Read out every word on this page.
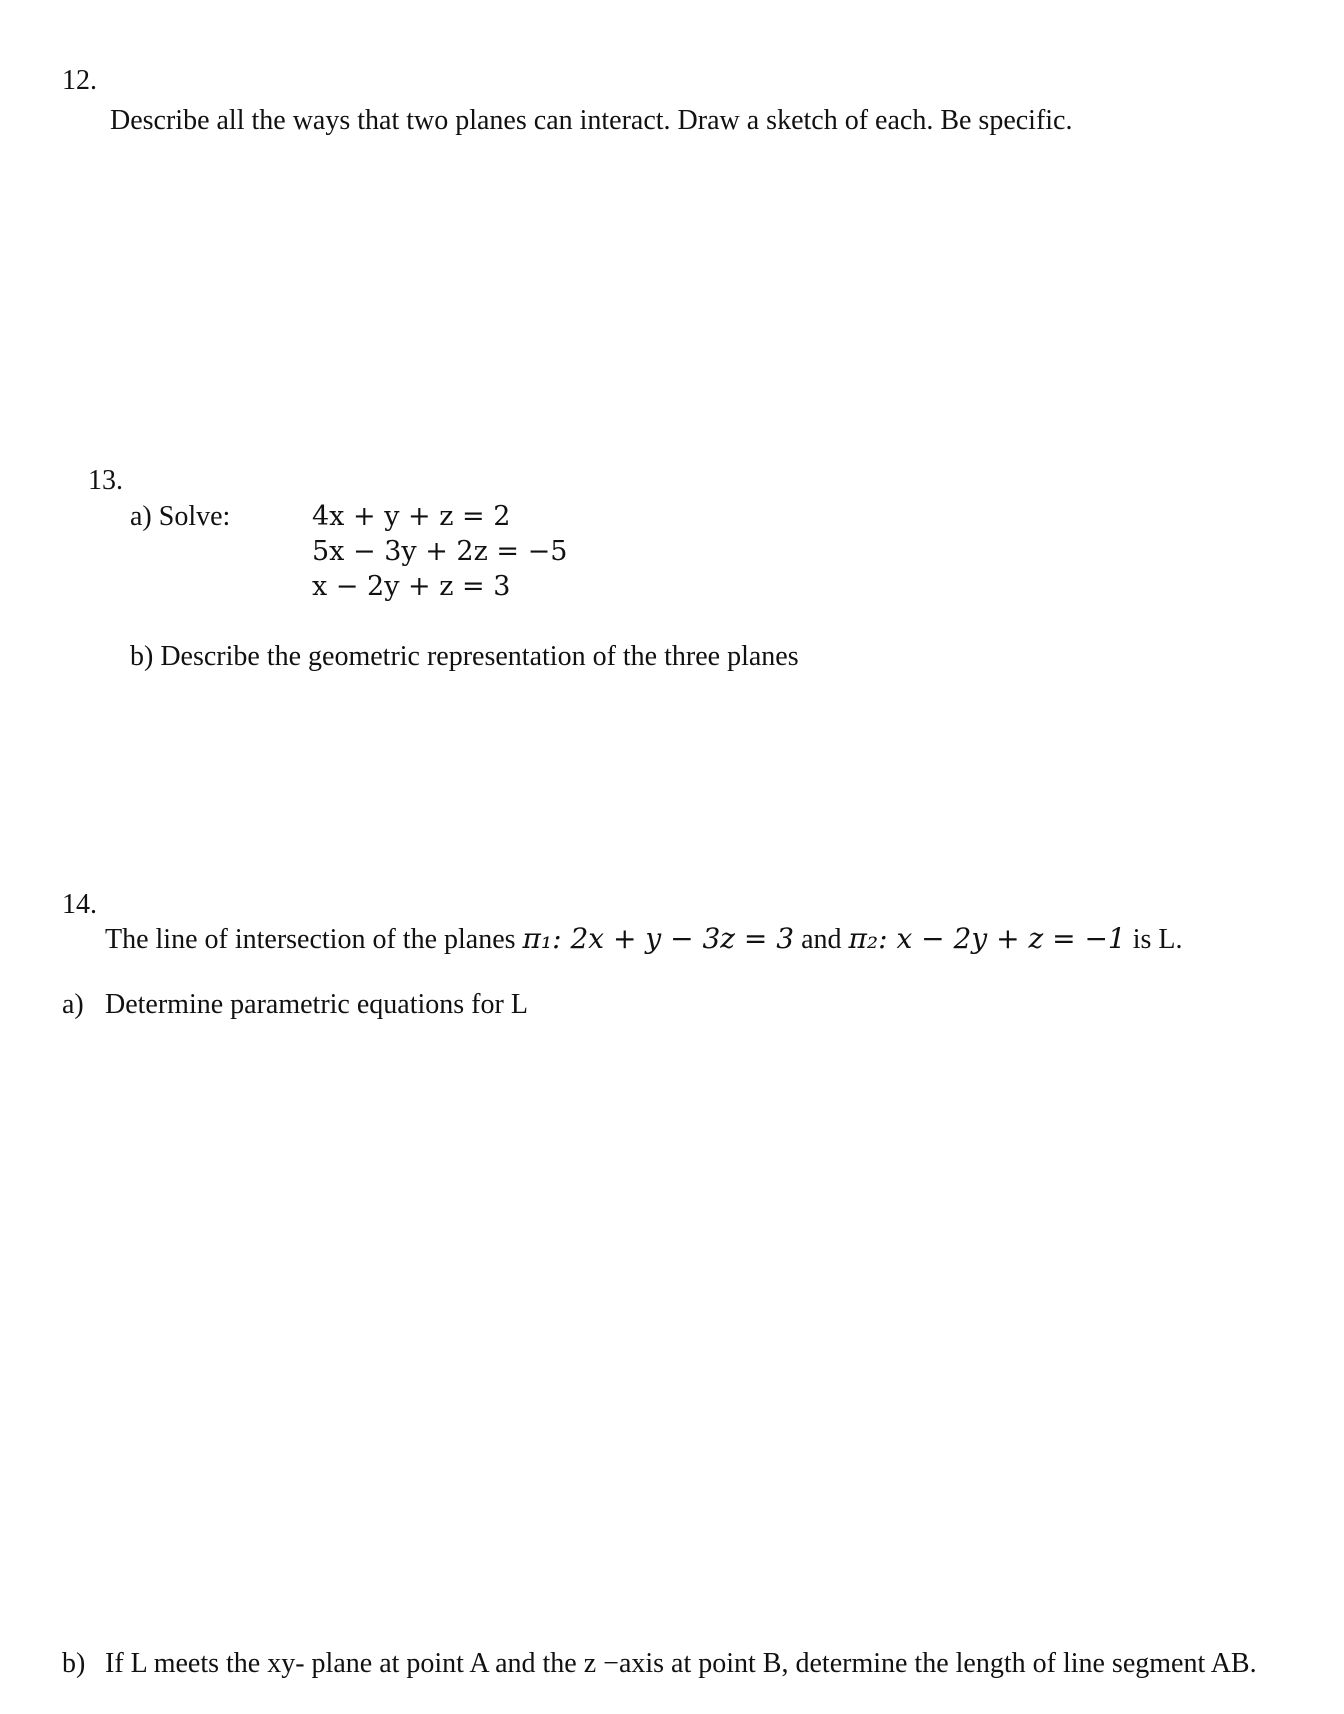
12.
Describe all the ways that two planes can interact. Draw a sketch of each. Be specific.
13.
a) Solve:	4x + y + z = 2
5x − 3y + 2z = −5
x − 2y + z = 3
b) Describe the geometric representation of the three planes
14.
The line of intersection of the planes π₁: 2x + y − 3z = 3 and π₂: x − 2y + z = −1 is L.
a) Determine parametric equations for L
b) If L meets the xy- plane at point A and the z −axis at point B, determine the length of line segment AB.
